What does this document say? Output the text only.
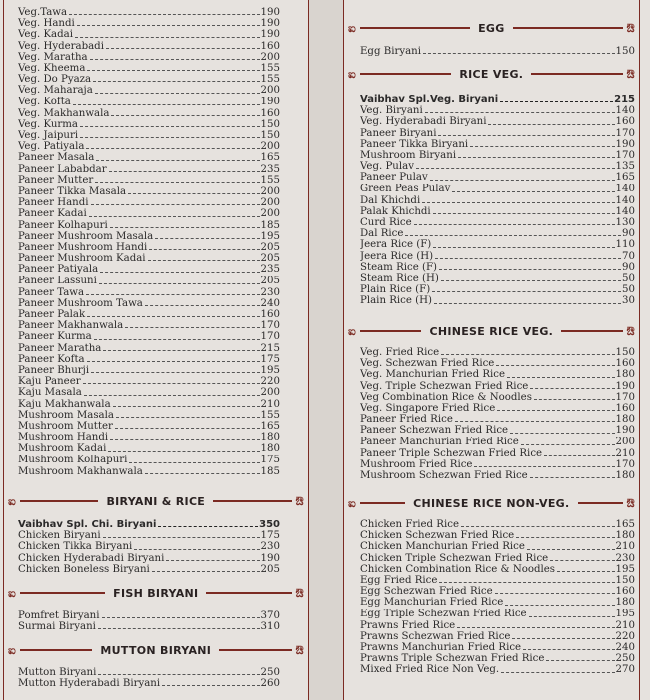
Veg.Tawa	190
Veg. Handi	190
Veg. Kadai	190
Veg. Hyderabadi	160
Veg. Maratha	200
Veg. Kheema	155
Veg. Do Pyaza	155
Veg. Maharaja	200
Veg. Kofta	190
Veg. Makhanwala	160
Veg. Kurma	150
Veg. Jaipuri	150
Veg. Patiyala	200
Paneer Masala	165
Paneer Lababdar	235
Paneer Mutter	155
Paneer Tikka Masala	200
Paneer Handi	200
Paneer Kadai	200
Paneer Kolhapuri	185
Paneer Mushroom Masala	195
Paneer Mushroom Handi	205
Paneer Mushroom Kadai	205
Paneer Patiyala	235
Paneer Lassuni	205
Paneer Tawa	230
Paneer Mushroom Tawa	240
Paneer Palak	160
Paneer Makhanwala	170
Paneer Kurma	170
Paneer Maratha	215
Paneer Kofta	175
Paneer Bhurji	195
Kaju Paneer	220
Kaju Masala	200
Kaju Makhanwala	210
Mushroom Masala	155
Mushroom Mutter	165
Mushroom Handi	180
Mushroom Kadai	180
Mushroom Kolhapuri	175
Mushroom Makhanwala	185
ಐ	BIRYANI & RICE	ಔ
Vaibhav Spl. Chi. Biryani	350
Chicken Biryani	175
Chicken Tikka Biryani	230
Chicken Hyderabadi Biryani	190
Chicken Boneless Biryani	205
ಐ	FISH BIRYANI	ಔ
Pomfret Biryani	370
Surmai Biryani	310
ಐ	MUTTON BIRYANI	ಔ
Mutton Biryani	250
Mutton Hyderabadi Biryani	260
ಐ	EGG	ಔ
Egg Biryani	150
ಐ	RICE VEG.	ಔ
Vaibhav Spl.Veg. Biryani	215
Veg. Biryani	140
Veg. Hyderabadi Biryani	160
Paneer Biryani	170
Paneer Tikka Biryani	190
Mushroom Biryani	170
Veg. Pulav	135
Paneer Pulav	165
Green Peas Pulav	140
Dal Khichdi	140
Palak Khichdi	140
Curd Rice	130
Dal Rice	90
Jeera Rice (F)	110
Jeera Rice (H)	70
Steam Rice (F)	90
Steam Rice (H)	50
Plain Rice (F)	50
Plain Rice (H)	30
ಐ	CHINESE RICE VEG.	ಔ
Veg. Fried Rice	150
Veg. Schezwan Fried Rice	160
Veg. Manchurian Fried Rice	180
Veg. Triple Schezwan Fried Rice	190
Veg Combination Rice & Noodles	170
Veg. Singapore Fried Rice	160
Paneer Fried Rice	180
Paneer Schezwan Fried Rice	190
Paneer Manchurian Fried Rice	200
Paneer Triple Schezwan Fried Rice	210
Mushroom Fried Rice	170
Mushroom Schezwan Fried Rice	180
ಐ	CHINESE RICE NON-VEG.	ಔ
Chicken Fried Rice	165
Chicken Schezwan Fried Rice	180
Chicken Manchurian Fried Rice	210
Chicken Triple Schezwan Fried Rice	230
Chicken Combination Rice & Noodles	195
Egg Fried Rice	150
Egg Schezwan Fried Rice	160
Egg Manchurian Fried Rice	180
Egg Triple Schezwan Fried Rice	195
Prawns Fried Rice	210
Prawns Schezwan Fried Rice	220
Prawns Manchurian Fried Rice	240
Prawns Triple Schezwan Fried Rice	250
Mixed Fried Rice Non Veg.	270
